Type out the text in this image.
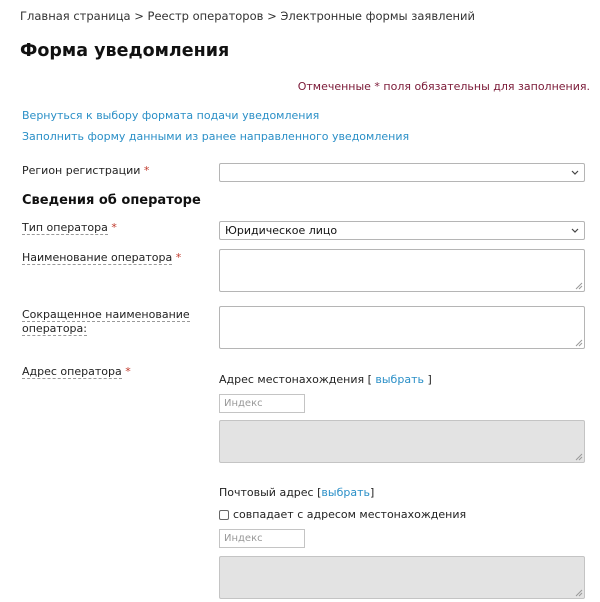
Главная страница > Реестр операторов > Электронные формы заявлений
Форма уведомления
Отмеченные * поля обязательны для заполнения.
Вернуться к выбору формата подачи уведомления
Заполнить форму данными из ранее направленного уведомления
Регион регистрации *
Сведения об операторе
Тип оператора *	Юридическое лицо
Наименование оператора *
Сокращенное наименование
оператора:
Адрес оператора *
Адрес местонахождения [ выбрать ]
Индекс
Почтовый адрес [выбрать]
совпадает с адресом местонахождения
Индекс
